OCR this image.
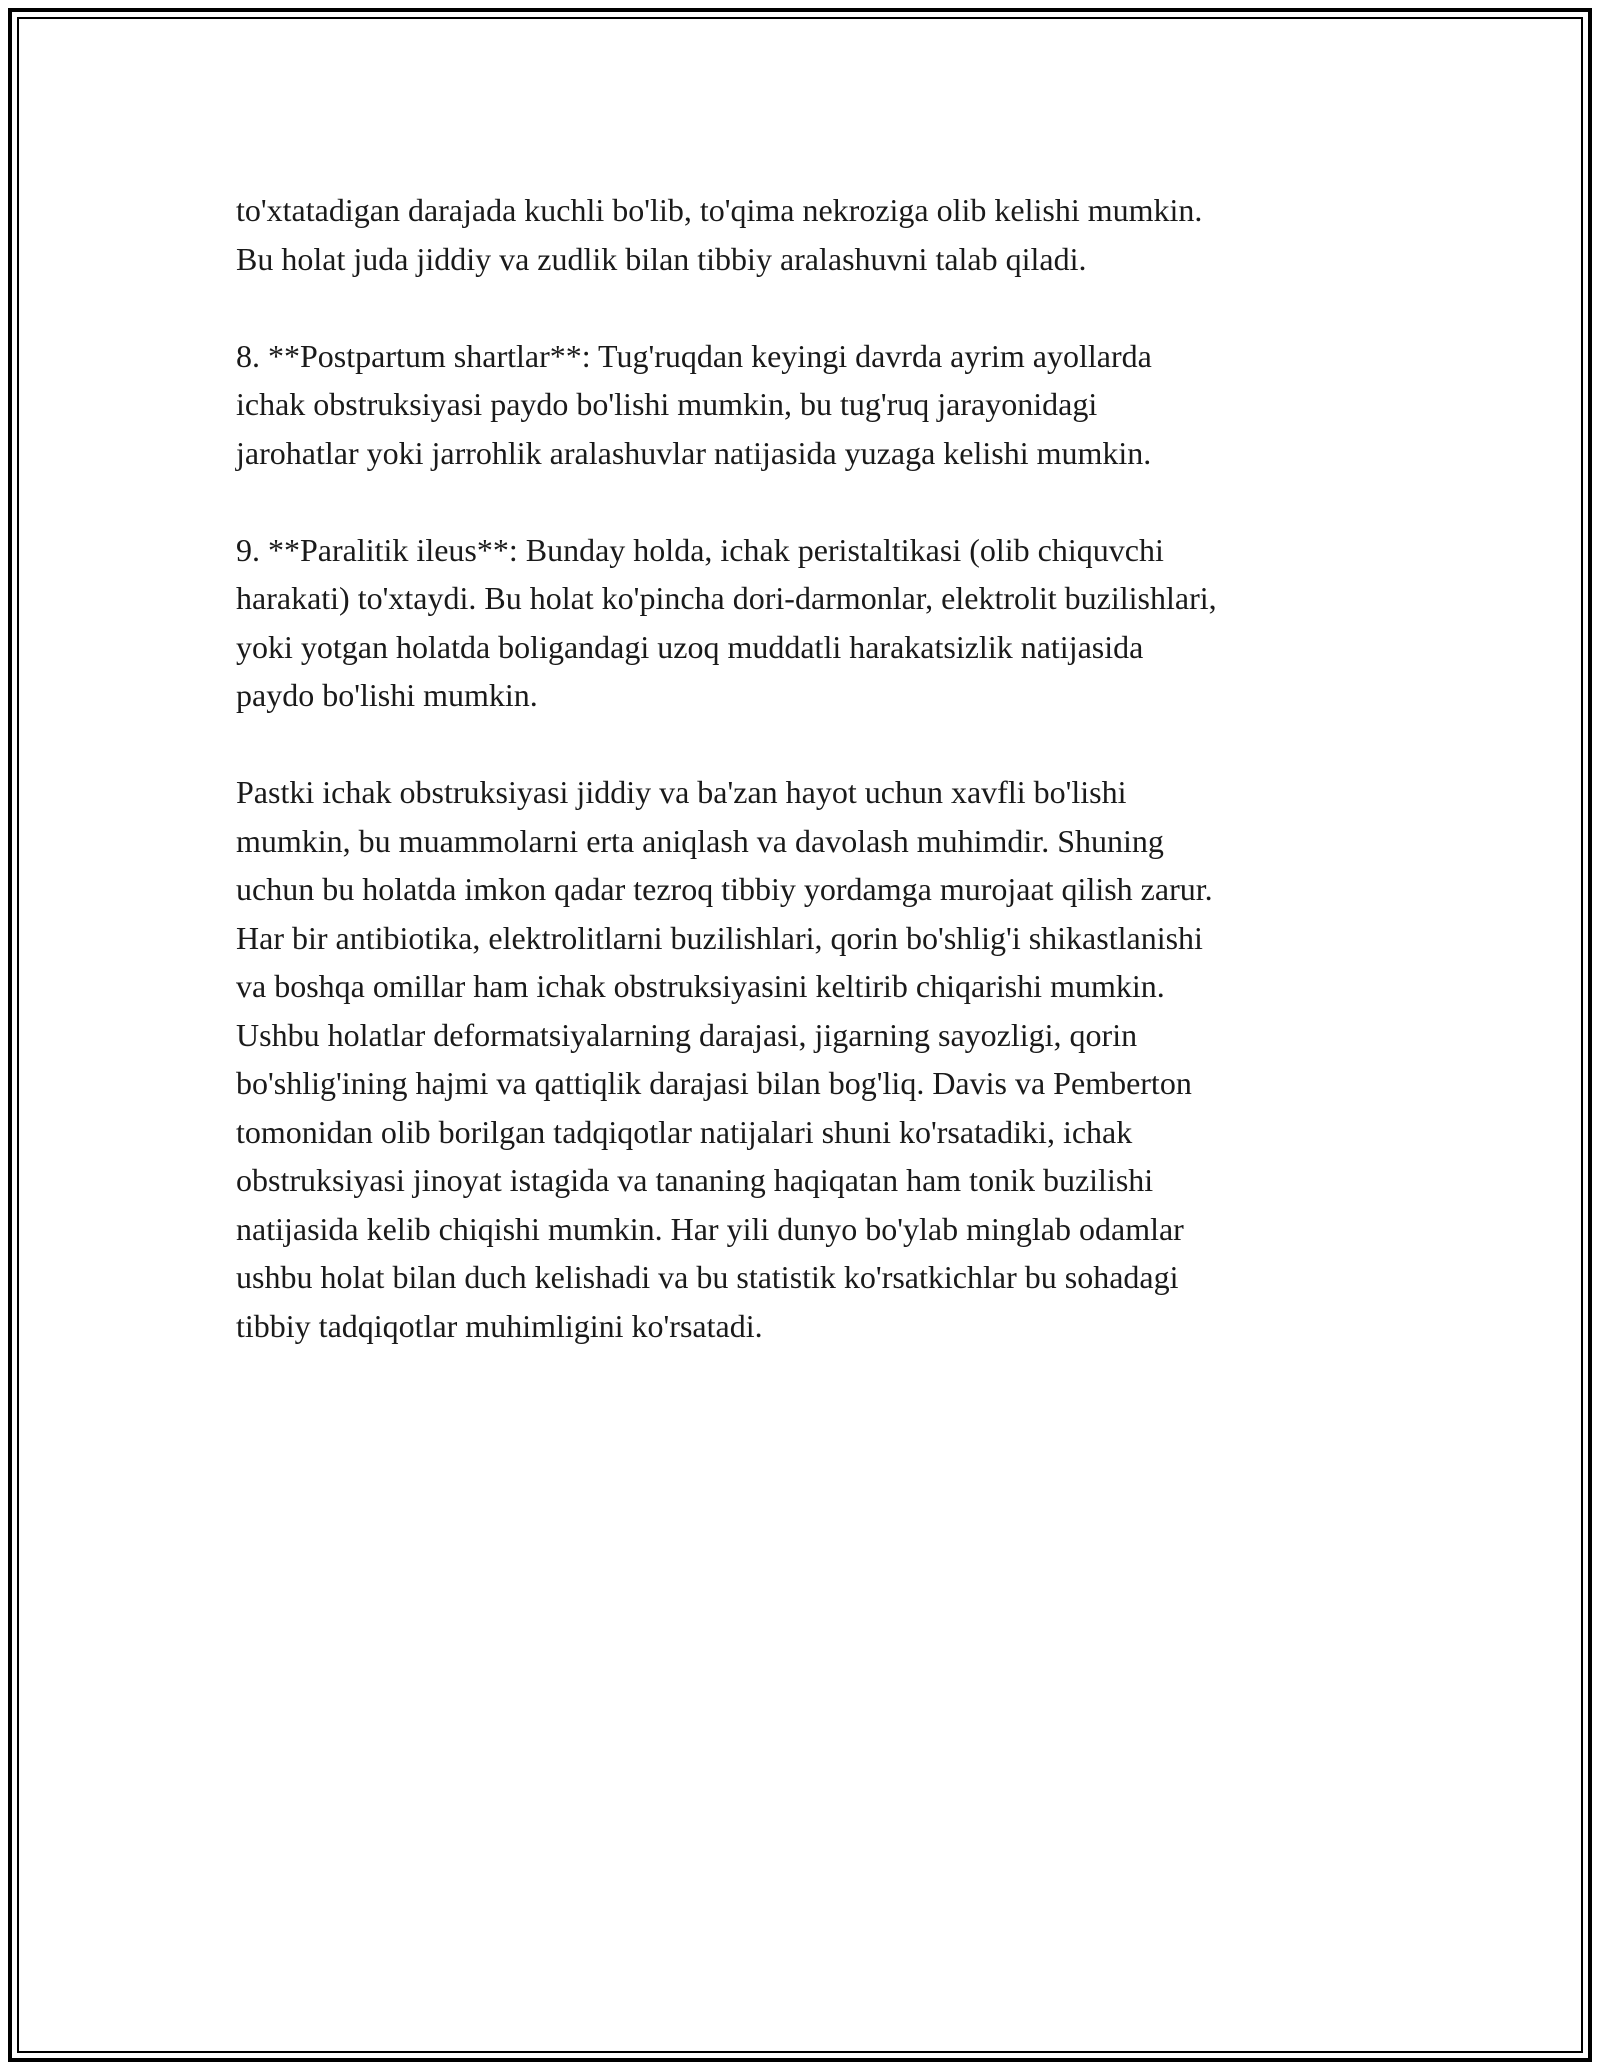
to'xtatadigan darajada kuchli bo'lib, to'qima nekroziga olib kelishi mumkin.
Bu holat juda jiddiy va zudlik bilan tibbiy aralashuvni talab qiladi.

8. **Postpartum shartlar**: Tug'ruqdan keyingi davrda ayrim ayollarda
ichak obstruksiyasi paydo bo'lishi mumkin, bu tug'ruq jarayonidagi
jarohatlar yoki jarrohlik aralashuvlar natijasida yuzaga kelishi mumkin.

9. **Paralitik ileus**: Bunday holda, ichak peristaltikasi (olib chiquvchi
harakati) to'xtaydi. Bu holat ko'pincha dori-darmonlar, elektrolit buzilishlari,
yoki yotgan holatda boligandagi uzoq muddatli harakatsizlik natijasida
paydo bo'lishi mumkin.

Pastki ichak obstruksiyasi jiddiy va ba'zan hayot uchun xavfli bo'lishi
mumkin, bu muammolarni erta aniqlash va davolash muhimdir. Shuning
uchun bu holatda imkon qadar tezroq tibbiy yordamga murojaat qilish zarur.
Har bir antibiotika, elektrolitlarni buzilishlari, qorin bo'shlig'i shikastlanishi
va boshqa omillar ham ichak obstruksiyasini keltirib chiqarishi mumkin.
Ushbu holatlar deformatsiyalarning darajasi, jigarning sayozligi, qorin
bo'shlig'ining hajmi va qattiqlik darajasi bilan bog'liq. Davis va Pemberton
tomonidan olib borilgan tadqiqotlar natijalari shuni ko'rsatadiki, ichak
obstruksiyasi jinoyat istagida va tananing haqiqatan ham tonik buzilishi
natijasida kelib chiqishi mumkin. Har yili dunyo bo'ylab minglab odamlar
ushbu holat bilan duch kelishadi va bu statistik ko'rsatkichlar bu sohadagi
tibbiy tadqiqotlar muhimligini ko'rsatadi.
